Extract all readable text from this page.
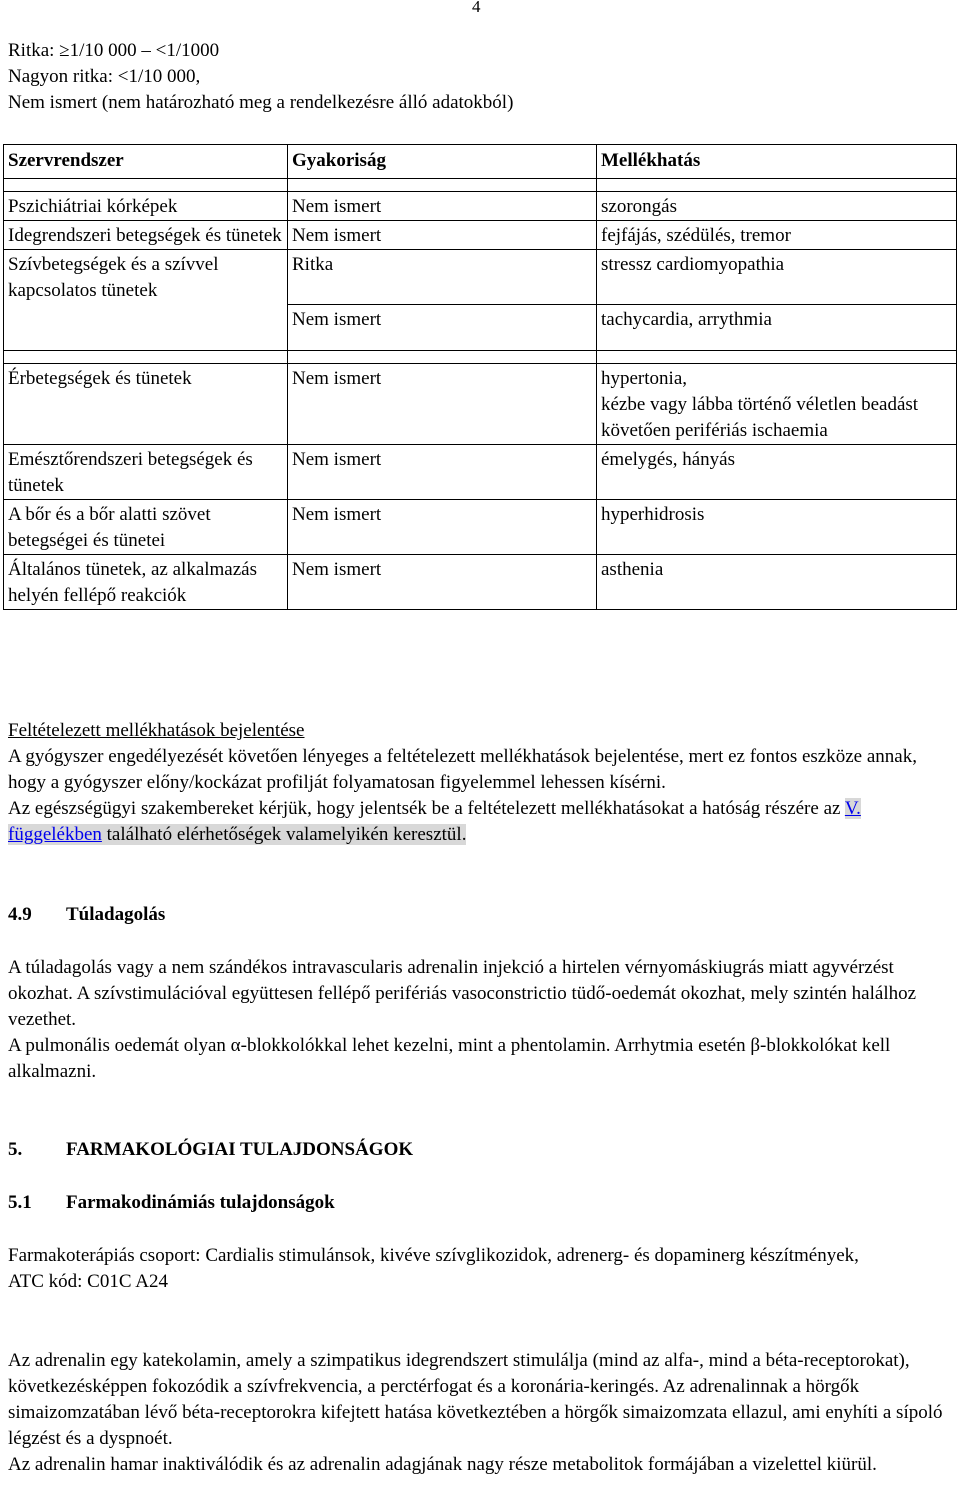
4
Ritka: ≥1/10 000 – <1/1000
Nagyon ritka: <1/10 000,
Nem ismert (nem határozható meg a rendelkezésre álló adatokból)
Szervrendszer	Gyakoriság	Mellékhatás

Pszichiátriai kórképek	Nem ismert	szorongás
Idegrendszeri betegségek és tünetek	Nem ismert	fejfájás, szédülés, tremor
Szívbetegségek és a szívvel kapcsolatos tünetek	Ritka	stressz cardiomyopathia
	Nem ismert	tachycardia, arrythmia

Érbetegségek és tünetek	Nem ismert	hypertonia,
kézbe vagy lábba történő véletlen beadást követően perifériás ischaemia

Emésztőrendszeri betegségek és tünetek	Nem ismert	émelygés, hányás
A bőr és a bőr alatti szövet betegségei és tünetei	Nem ismert	hyperhidrosis
Általános tünetek, az alkalmazás helyén fellépő reakciók	Nem ismert	asthenia
Feltételezett mellékhatások bejelentése
A gyógyszer engedélyezését követően lényeges a feltételezett mellékhatások bejelentése, mert ez fontos eszköze annak, hogy a gyógyszer előny/kockázat profilját folyamatosan figyelemmel lehessen kísérni.
Az egészségügyi szakembereket kérjük, hogy jelentsék be a feltételezett mellékhatásokat a hatóság részére az V. függelékben található elérhetőségek valamelyikén keresztül.
4.9 Túladagolás
A túladagolás vagy a nem szándékos intravascularis adrenalin injekció a hirtelen vérnyomáskiugrás miatt agyvérzést okozhat. A szívstimulációval együttesen fellépő perifériás vasoconstrictio tüdő-oedemát okozhat, mely szintén halálhoz vezethet.
A pulmonális oedemát olyan α-blokkolókkal lehet kezelni, mint a phentolamin. Arrhytmia esetén β-blokkolókat kell alkalmazni.
5. FARMAKOLÓGIAI TULAJDONSÁGOK
5.1 Farmakodinámiás tulajdonságok
Farmakoterápiás csoport: Cardialis stimulánsok, kivéve szívglikozidok, adrenerg- és dopaminerg készítmények,
ATC kód: C01C A24
Az adrenalin egy katekolamin, amely a szimpatikus idegrendszert stimulálja (mind az alfa-, mind a béta-receptorokat), következésképpen fokozódik a szívfrekvencia, a perctérfogat és a koronária-keringés. Az adrenalinnak a hörgők simaizomzatában lévő béta-receptorokra kifejtett hatása következtében a hörgők simaizomzata ellazul, ami enyhíti a sípoló légzést és a dyspnoét.
Az adrenalin hamar inaktiválódik és az adrenalin adagjának nagy része metabolitok formájában a vizelettel kiürül.
